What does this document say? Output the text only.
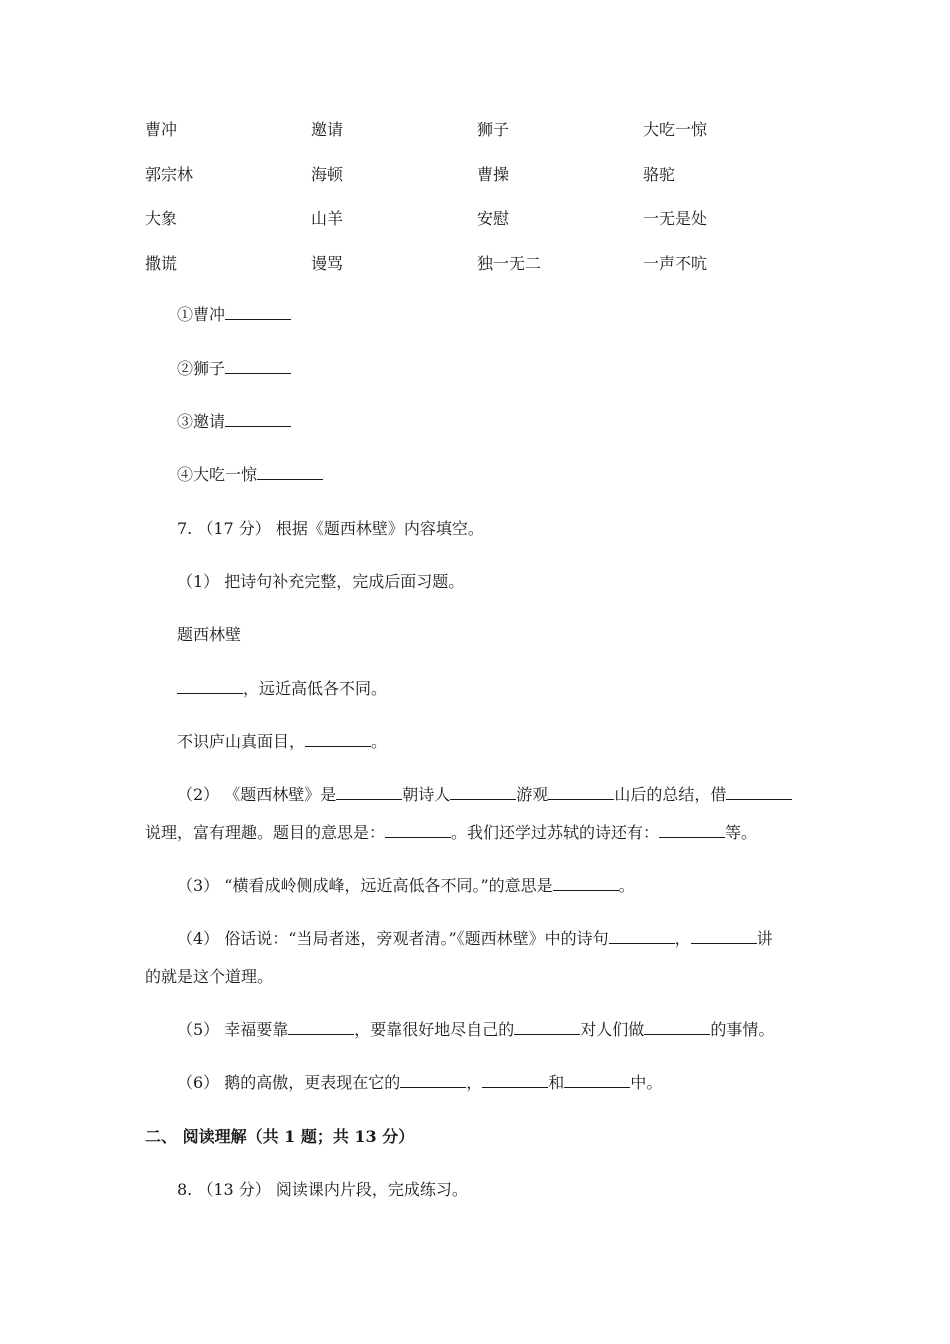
曹冲	邀请	狮子	大吃一惊
郭宗林	海顿	曹操	骆驼
大象	山羊	安慰	一无是处
撒谎	谩骂	独一无二	一声不吭
①曹冲
②狮子
③邀请
④大吃一惊
7. （17 分） 根据《题西林壁》内容填空。
（1） 把诗句补充完整，完成后面习题。
题西林壁
，远近高低各不同。
不识庐山真面目，	。
（2） 《题西林壁》是	朝诗人	游观	山后的总结，借
说理，富有理趣。题目的意思是：	。我们还学过苏轼的诗还有：	等。
（3） “横看成岭侧成峰，远近高低各不同。”的意思是	。
（4） 俗话说：“当局者迷，旁观者清。”《题西林壁》中的诗句	，	讲
的就是这个道理。
（5） 幸福要靠	，要靠很好地尽自己的	对人们做	的事情。
（6） 鹅的高傲，更表现在它的	，	和	中。
二、 阅读理解（共 1 题；共 13 分）
8. （13 分） 阅读课内片段，完成练习。
